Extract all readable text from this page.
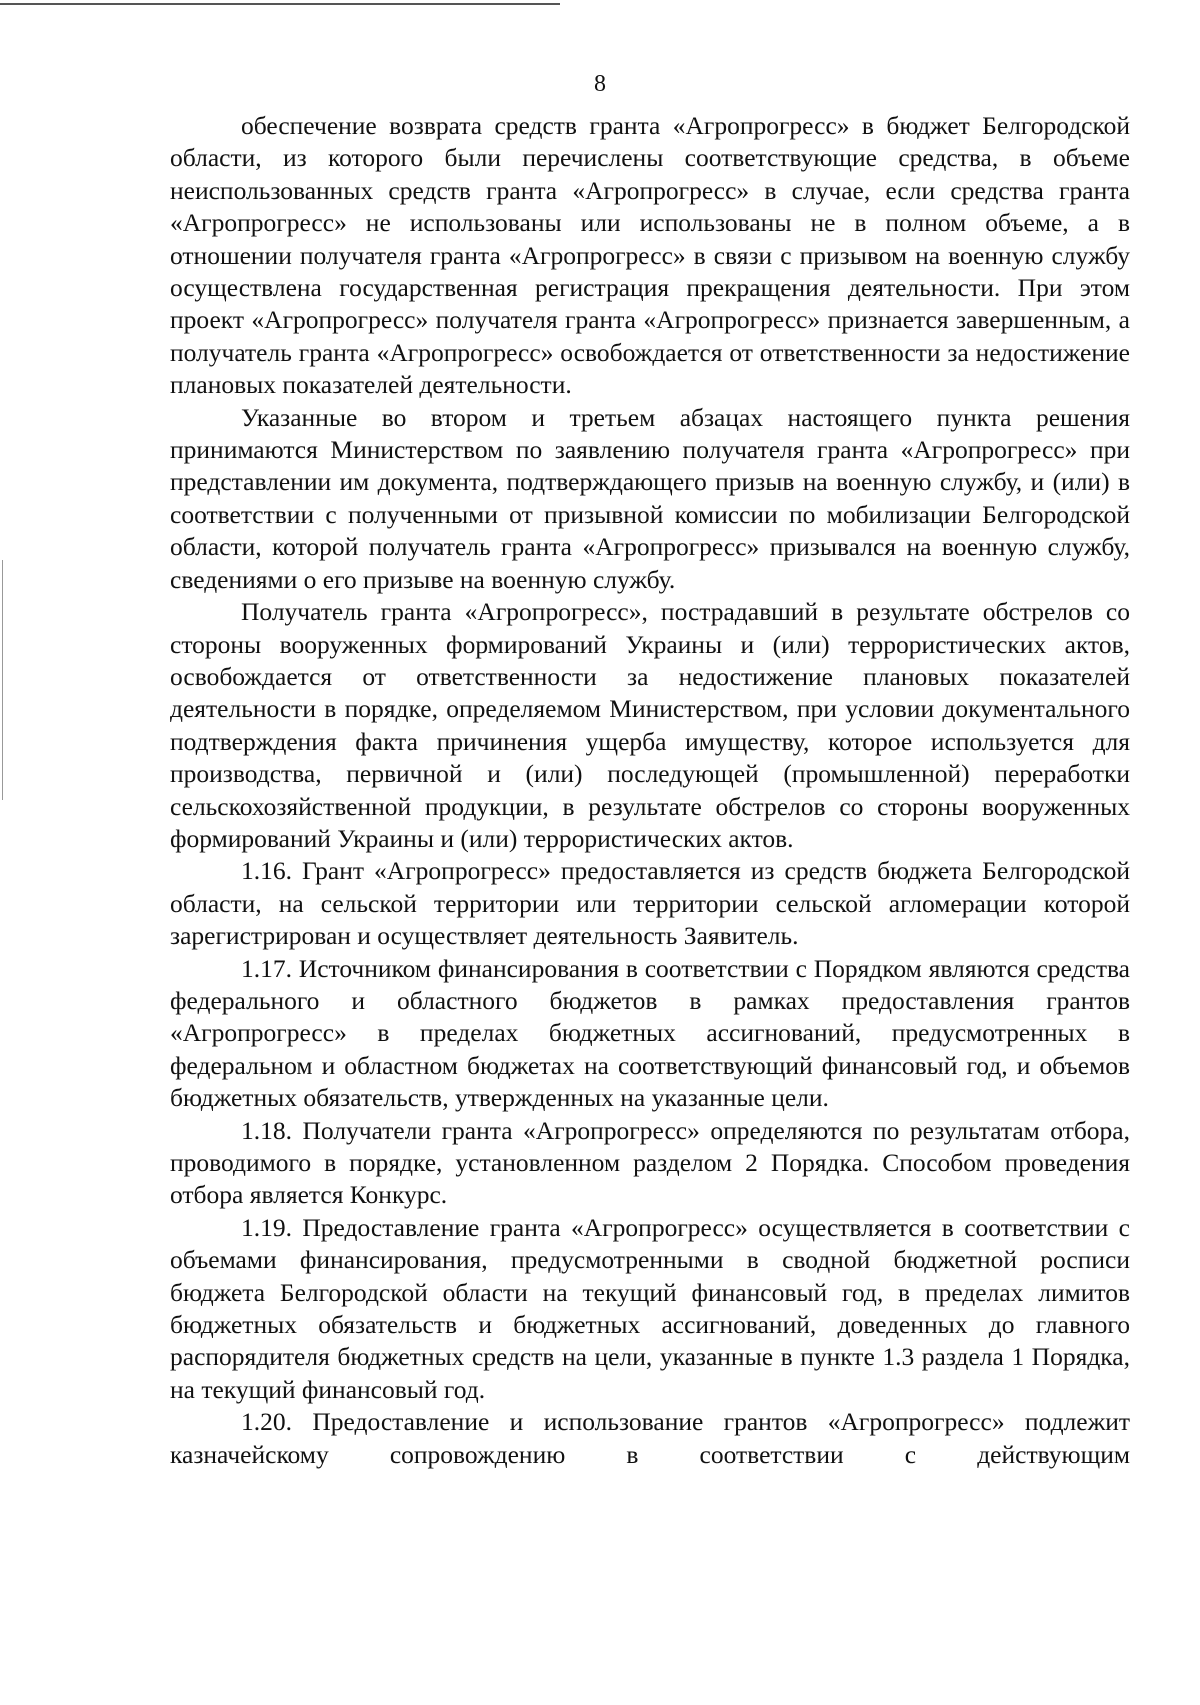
8

обеспечение возврата средств гранта «Агропрогресс» в бюджет Белгородской области, из которого были перечислены соответствующие средства, в объеме неиспользованных средств гранта «Агропрогресс» в случае, если средства гранта «Агропрогресс» не использованы или использованы не в полном объеме, а в отношении получателя гранта «Агропрогресс» в связи с призывом на военную службу осуществлена государственная регистрация прекращения деятельности. При этом проект «Агропрогресс» получателя гранта «Агропрогресс» признается завершенным, а получатель гранта «Агропрогресс» освобождается от ответственности за недостижение плановых показателей деятельности.

Указанные во втором и третьем абзацах настоящего пункта решения принимаются Министерством по заявлению получателя гранта «Агропрогресс» при представлении им документа, подтверждающего призыв на военную службу, и (или) в соответствии с полученными от призывной комиссии по мобилизации Белгородской области, которой получатель гранта «Агропрогресс» призывался на военную службу, сведениями о его призыве на военную службу.

Получатель гранта «Агропрогресс», пострадавший в результате обстрелов со стороны вооруженных формирований Украины и (или) террористических актов, освобождается от ответственности за недостижение плановых показателей деятельности в порядке, определяемом Министерством, при условии документального подтверждения факта причинения ущерба имуществу, которое используется для производства, первичной и (или) последующей (промышленной) переработки сельскохозяйственной продукции, в результате обстрелов со стороны вооруженных формирований Украины и (или) террористических актов.

1.16. Грант «Агропрогресс» предоставляется из средств бюджета Белгородской области, на сельской территории или территории сельской агломерации которой зарегистрирован и осуществляет деятельность Заявитель.

1.17. Источником финансирования в соответствии с Порядком являются средства федерального и областного бюджетов в рамках предоставления грантов «Агропрогресс» в пределах бюджетных ассигнований, предусмотренных в федеральном и областном бюджетах на соответствующий финансовый год, и объемов бюджетных обязательств, утвержденных на указанные цели.

1.18. Получатели гранта «Агропрогресс» определяются по результатам отбора, проводимого в порядке, установленном разделом 2 Порядка. Способом проведения отбора является Конкурс.

1.19. Предоставление гранта «Агропрогресс» осуществляется в соответствии с объемами финансирования, предусмотренными в сводной бюджетной росписи бюджета Белгородской области на текущий финансовый год, в пределах лимитов бюджетных обязательств и бюджетных ассигнований, доведенных до главного распорядителя бюджетных средств на цели, указанные в пункте 1.3 раздела 1 Порядка, на текущий финансовый год.

1.20. Предоставление и использование грантов «Агропрогресс» подлежит казначейскому сопровождению в соответствии с действующим
